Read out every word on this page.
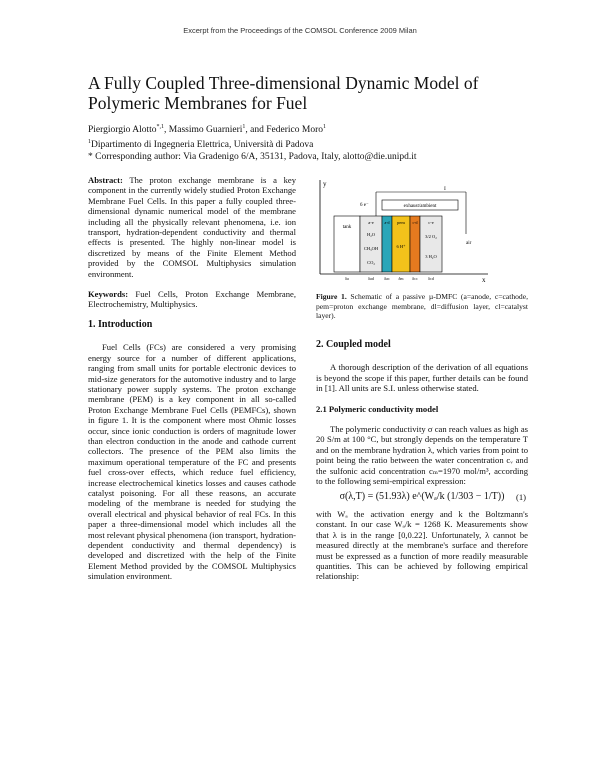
Excerpt from the Proceedings of the COMSOL Conference 2009 Milan
A Fully Coupled Three-dimensional Dynamic Model of Polymeric Membranes for Fuel
Piergiorgio Alotto$^{*,1}$, Massimo Guarnieri$^1$, and Federico Moro$^1$
$^1$Dipartimento di Ingegneria Elettrica, Università di Padova
* Corresponding author: Via Gradenigo 6/A, 35131, Padova, Italy, alotto@die.unipd.it

Abstract: The proton exchange membrane is a key component in the currently widely studied Proton Exchange Membrane Fuel Cells. In this paper a fully coupled three-dimensional dynamic numerical model of the membrane including all the physically relevant phenomena, i.e. ion transport, hydration-dependent conductivity and thermal effects is presented. The highly non-linear model is discretized by means of the Finite Element Method provided by the COMSOL Multiphysics simulation environment.

Keywords: Fuel Cells, Proton Exchange Membrane, Electrochemistry, Multiphysics.

1. Introduction

Fuel Cells (FCs) are considered a very promising energy source for a number of different applications, ranging from small units for portable electronic devices to mid-size generators for the automotive industry and to large stationary power supply systems. The proton exchange membrane (PEM) is a key component in all so-called Proton Exchange Membrane Fuel Cells (PEMFCs), shown in figure 1. It is the component where most Ohmic losses occur, since ionic conduction is orders of magnitude lower than electron conduction in the anode and cathode current collectors. The presence of the PEM also limits the maximum operational temperature of the FC and presents fuel cross-over effects, which reduce fuel efficiency, increase electrochemical kinetics losses and causes cathode catalyst poisoning. For all these reasons, an accurate modeling of the membrane is needed for studying the overall electrical and physical behavior of real FCs. In this paper a three-dimensional model which includes all the most relevant physical phenomena (ion transport, hydration-dependent conductivity and thermal dependency) is developed and discretized with the help of the Finite Element Method provided by the COMSOL Multiphysics simulation environment.

y
x
exhaust/ambient
I
6 e⁻
tank
a-e
H₂O
CH₃OH
CO₂
a-d pem
6 H⁺
c-d c-e
3/2 O₂
3 H₂O
air
δa	δad	δac δm δcc	δcd
Figure 1. Schematic of a passive µ-DMFC (a=anode, c=cathode, pem=proton exchange membrane, dl=diffusion layer, cl=catalyst layer).
2. Coupled model

A thorough description of the derivation of all equations is beyond the scope if this paper, further details can be found in [1]. All units are S.I. unless otherwise stated.

2.1 Polymeric conductivity model

The polymeric conductivity σ can reach values as high as 20 S/m at 100 °C, but strongly depends on the temperature T and on the membrane hydration λ, which varies from point to point being the ratio between the water concentration cᵥ and the sulfonic acid concentration cₘ=1970 mol/m³, according to the following semi-empirical expression:

σ(λ,T) = (51.93λ) e^(Wₐ/k (1/303 − 1/T)) (1)

with Wₐ the activation energy and k the Boltzmann's constant. In our case Wₐ/k = 1268 K. Measurements show that λ is in the range [0,0.22]. Unfortunately, λ cannot be measured directly at the membrane's surface and therefore must be expressed as a function of more readily measurable quantities. This can be achieved by following empirical relationship:
